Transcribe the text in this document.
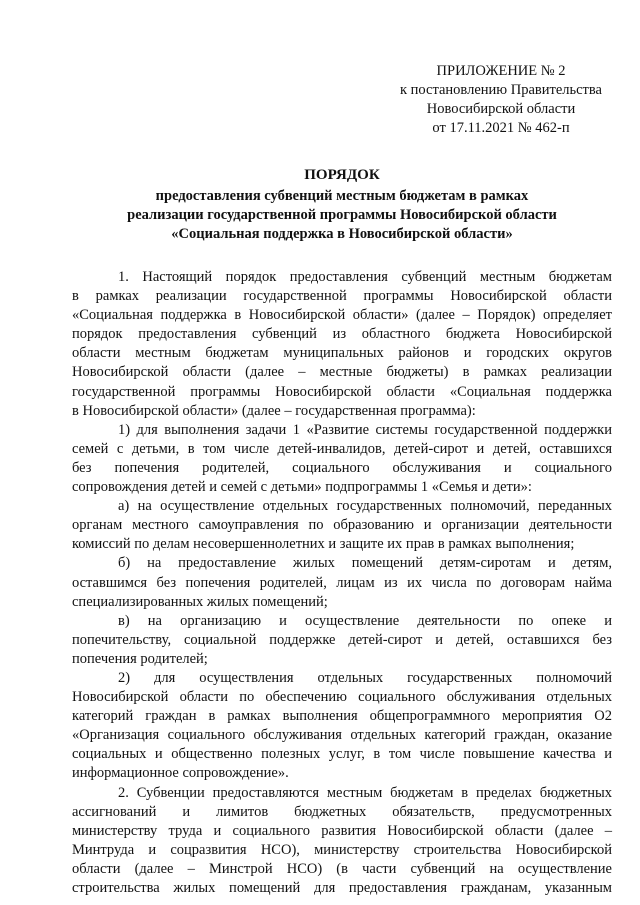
ПРИЛОЖЕНИЕ № 2
к постановлению Правительства
Новосибирской области
от 17.11.2021 № 462-п
ПОРЯДОК
предоставления субвенций местным бюджетам в рамках
реализации государственной программы Новосибирской области
«Социальная поддержка в Новосибирской области»
1. Настоящий порядок предоставления субвенций местным бюджетам
в рамках реализации государственной программы Новосибирской области
«Социальная поддержка в Новосибирской области» (далее – Порядок) определяет
порядок предоставления субвенций из областного бюджета Новосибирской
области местным бюджетам муниципальных районов и городских округов
Новосибирской области (далее – местные бюджеты) в рамках реализации
государственной программы Новосибирской области «Социальная поддержка
в Новосибирской области» (далее – государственная программа):
1) для выполнения задачи 1 «Развитие системы государственной поддержки
семей с детьми, в том числе детей-инвалидов, детей-сирот и детей, оставшихся
без попечения родителей, социального обслуживания и социального
сопровождения детей и семей с детьми» подпрограммы 1 «Семья и дети»:
а) на осуществление отдельных государственных полномочий, переданных
органам местного самоуправления по образованию и организации деятельности
комиссий по делам несовершеннолетних и защите их прав в рамках выполнения;
б) на предоставление жилых помещений детям-сиротам и детям,
оставшимся без попечения родителей, лицам из их числа по договорам найма
специализированных жилых помещений;
в) на организацию и осуществление деятельности по опеке и
попечительству, социальной поддержке детей-сирот и детей, оставшихся без
попечения родителей;
2) для осуществления отдельных государственных полномочий
Новосибирской области по обеспечению социального обслуживания отдельных
категорий граждан в рамках выполнения общепрограммного мероприятия О2
«Организация социального обслуживания отдельных категорий граждан, оказание
социальных и общественно полезных услуг, в том числе повышение качества и
информационное сопровождение».
2. Субвенции предоставляются местным бюджетам в пределах бюджетных
ассигнований и лимитов бюджетных обязательств, предусмотренных
министерству труда и социального развития Новосибирской области (далее –
Минтруда и соцразвития НСО), министерству строительства Новосибирской
области (далее – Минстрой НСО) (в части субвенций на осуществление
строительства жилых помещений для предоставления гражданам, указанным
